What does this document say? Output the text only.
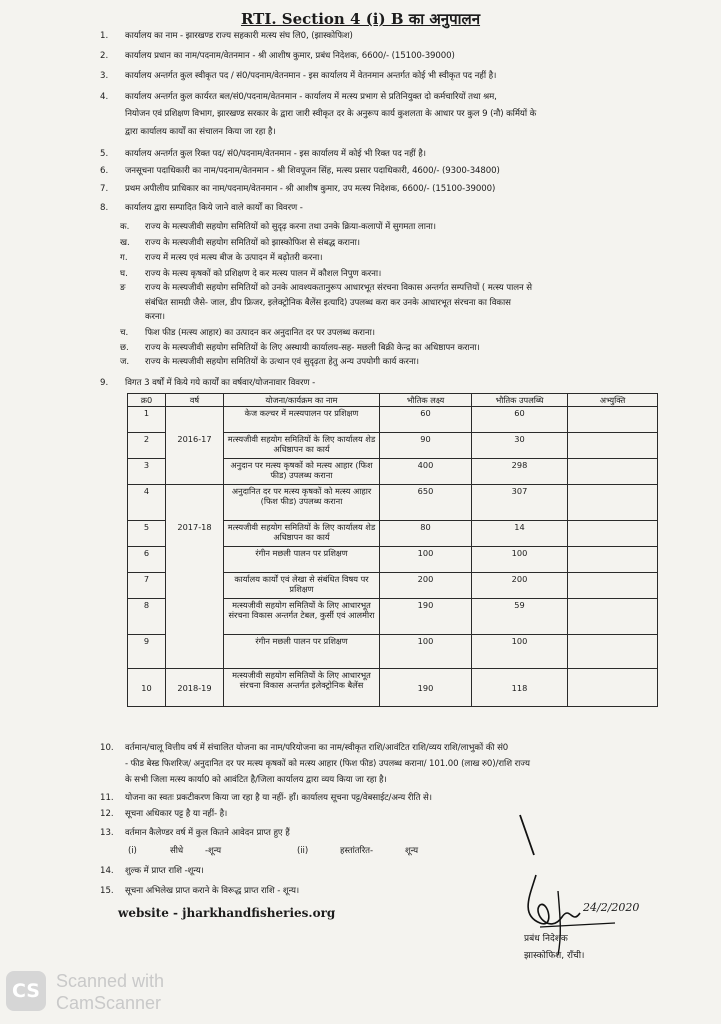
RTI. Section 4 (i) B का अनुपालन
1. कार्यालय का नाम - झारखण्ड राज्य सहकारी मत्स्य संघ लि0, (झास्कोफिश)
2. कार्यालय प्रधान का नाम/पदनाम/वेतनमान - श्री आशीष कुमार, प्रबंध निदेशक, 6600/- (15100-39000)
3. कार्यालय अन्तर्गत कुल स्वीकृत पद / सं0/पदनाम/वेतनमान - इस कार्यालय में वेतनमान अन्तर्गत कोई भी स्वीकृत पद नहीं है।
4. कार्यालय अन्तर्गत कुल कार्यरत बल/सं0/पदनाम/वेतनमान - कार्यालय में मत्स्य प्रभाग से प्रतिनियुक्त दो कर्मचारियों तथा श्रम,
नियोजन एवं प्रशिक्षण विभाग, झारखण्ड सरकार के द्वारा जारी स्वीकृत दर के अनुरूप कार्य कुशलता के आधार पर कुल 9 (नौ) कर्मियों के
द्वारा कार्यालय कार्यों का संचालन किया जा रहा है।
5. कार्यालय अन्तर्गत कुल रिक्त पद/ सं0/पदनाम/वेतनमान - इस कार्यालय में कोई भी रिक्त पद नहीं है।
6. जनसूचना पदाधिकारी का नाम/पदनाम/वेतनमान - श्री शिवपूजन सिंह, मत्स्य प्रसार पदाधिकारी, 4600/- (9300-34800)
7. प्रथम अपीलीय प्राधिकार का नाम/पदनाम/वेतनमान - श्री आशीष कुमार, उप मत्स्य निदेशक, 6600/- (15100-39000)
8. कार्यालय द्वारा सम्पादित किये जाने वाले कार्यों का विवरण -
क. राज्य के मत्स्यजीवी सहयोग समितियों को सुदृढ़ करना तथा उनके क्रिया-कलापों में सुगमता लाना।
ख. राज्य के मत्स्यजीवी सहयोग समितियों को झास्कोफिश से संबद्ध कराना।
ग. राज्य में मत्स्य एवं मत्स्य बीज के उत्पादन में बढ़ोतरी करना।
घ. राज्य के मत्स्य कृषकों को प्रशिक्षण दे कर मत्स्य पालन में कौशल निपुण करना।
ङ राज्य के मत्स्यजीवी सहयोग समितियों को उनके आवश्यकतानुरूप आधारभूत संरचना विकास अन्तर्गत सम्पत्तियों ( मत्स्य पालन से
संबंधित सामग्री जैसे- जाल, डीप फ्रिजर, इलेक्ट्रोनिक बैलेंस इत्यादि) उपलब्ध करा कर उनके आधारभूत संरचना का विकास
करना।
च. फिश फीड (मत्स्य आहार) का उत्पादन कर अनुदानित दर पर उपलब्ध कराना।
छ. राज्य के मत्स्यजीवी सहयोग समितियों के लिए अस्थायी कार्यालय-सह- मछली बिक्री केन्द्र का अधिष्ठापन कराना।
ज. राज्य के मत्स्यजीवी सहयोग समितियों के उत्थान एवं सुदृढ़ता हेतु अन्य उपयोगी कार्य करना।
9. विगत 3 वर्षों में किये गये कार्यों का वर्षवार/योजनावार विवरण -
क्र0	वर्ष	योजना/कार्यक्रम का नाम	भौतिक लक्ष्य	भौतिक उपलब्धि	अभ्युक्ति
1		केज कल्चर में मत्स्यपालन पर प्रशिक्षण	60	60	
2	2016-17	मत्स्यजीवी सहयोग समितियों के लिए कार्यालय शेड अधिष्ठापन का कार्य	90	30	
3		अनुदान पर मत्स्य कृषकों को मत्स्य आहार (फिश फीड) उपलब्ध कराना	400	298	
4		अनुदानित दर पर मत्स्य कृषकों को मत्स्य आहार (फिश फीड) उपलब्ध कराना	650	307	
5	2017-18	मत्स्यजीवी सहयोग समितियों के लिए कार्यालय शेड अधिष्ठापन का कार्य	80	14	
6		रंगीन मछली पालन पर प्रशिक्षण	100	100	
7		कार्यालय कार्यों एवं लेखा से संबंधित विषय पर प्रशिक्षण	200	200	
8		मत्स्यजीवी सहयोग समितियों के लिए आधारभूत संरचना विकास अन्तर्गत टेबल, कुर्सी एवं आलमीरा	190	59	
9		रंगीन मछली पालन पर प्रशिक्षण	100	100	
10	2018-19	मत्स्यजीवी सहयोग समितियों के लिए आधारभूत संरचना विकास अन्तर्गत इलेक्ट्रोनिक बैलेंस	190	118	
10. वर्तमान/चालू वित्तीय वर्ष में संचालित योजना का नाम/परियोजना का नाम/स्वीकृत राशि/आवंटित राशि/व्यय राशि/लाभुकों की सं0
- फीड बेस्ड फिशरिज/ अनुदानित दर पर मत्स्य कृषकों को मत्स्य आहार (फिश फीड) उपलब्ध कराना/ 101.00 (लाख रु0)/राशि राज्य
के सभी जिला मत्स्य कार्या0 को आवंटित है/जिला कार्यालय द्वारा व्यय किया जा रहा है।
11. योजना का स्वतः प्रकटीकरण किया जा रहा है या नहीं- हाँ। कार्यालय सूचना पट्ट/वेबसाईट/अन्य रीति से।
12. सूचना अधिकार पट्ट है या नहीं- है।
13. वर्तमान कैलेण्डर वर्ष में कुल कितने आवेदन प्राप्त हुए हैं
(i)	सीधे	-शून्य	(ii)	हस्तांतरित-	शून्य
14. शुल्क में प्राप्त राशि -शून्य।
15. सूचना अभिलेख प्राप्त कराने के विरूद्ध प्राप्त राशि - शून्य।
website - jharkhandfisheries.org	24/2/2020
प्रबंध निदेशक
झास्कोफिश, राँची।
CS Scanned with
CamScanner
